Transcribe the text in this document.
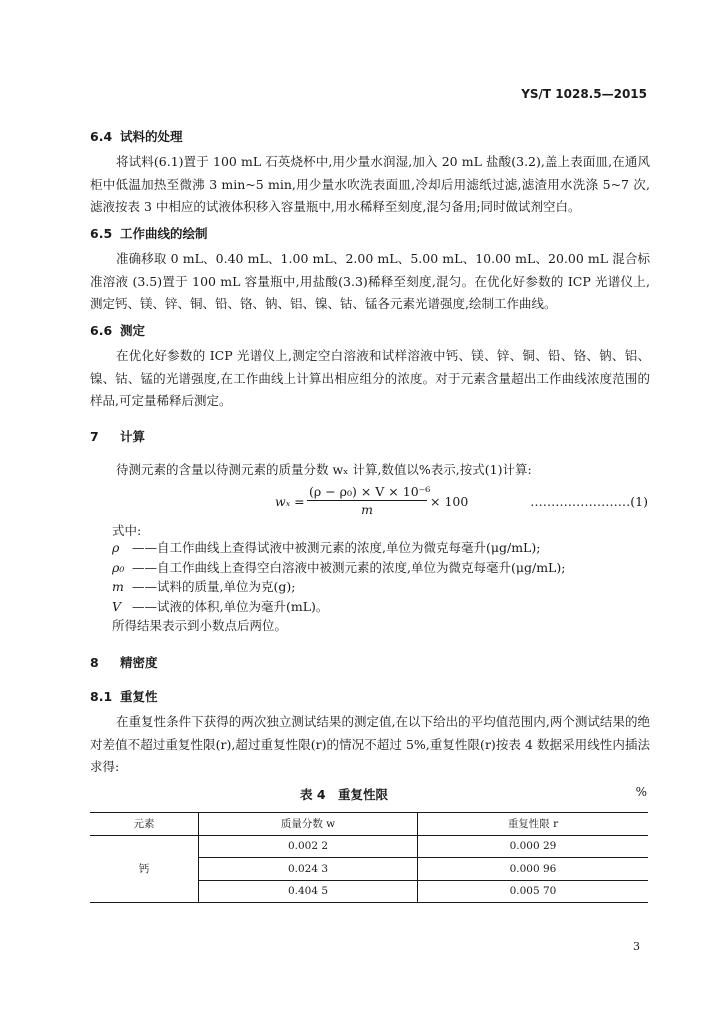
YS/T 1028.5—2015
6.4 试料的处理
将试料(6.1)置于 100 mL 石英烧杯中,用少量水润湿,加入 20 mL 盐酸(3.2),盖上表面皿,在通风柜中低温加热至微沸 3 min~5 min,用少量水吹洗表面皿,冷却后用滤纸过滤,滤渣用水洗涤 5~7 次,滤液按表 3 中相应的试液体积移入容量瓶中,用水稀释至刻度,混匀备用;同时做试剂空白。
6.5 工作曲线的绘制
准确移取 0 mL、0.40 mL、1.00 mL、2.00 mL、5.00 mL、10.00 mL、20.00 mL 混合标准溶液 (3.5)置于 100 mL 容量瓶中,用盐酸(3.3)稀释至刻度,混匀。在优化好参数的 ICP 光谱仪上,测定钙、镁、锌、铜、铅、铬、钠、铝、镍、钴、锰各元素光谱强度,绘制工作曲线。
6.6 测定
在优化好参数的 ICP 光谱仪上,测定空白溶液和试样溶液中钙、镁、锌、铜、铅、铬、钠、铝、镍、钴、锰的光谱强度,在工作曲线上计算出相应组分的浓度。对于元素含量超出工作曲线浓度范围的样品,可定量稀释后测定。
7 计算
待测元素的含量以待测元素的质量分数 wₓ 计算,数值以%表示,按式(1)计算:
$w_x = \frac{\text{(ρ − ρ₀) × V × 10⁻⁶}}{m} \times 100$	……………………(1)
式中:
ρ ——自工作曲线上查得试液中被测元素的浓度,单位为微克每毫升(μg/mL);
ρ₀ ——自工作曲线上查得空白溶液中被测元素的浓度,单位为微克每毫升(μg/mL);
m ——试料的质量,单位为克(g);
V ——试液的体积,单位为毫升(mL)。
所得结果表示到小数点后两位。
8 精密度
8.1 重复性
在重复性条件下获得的两次独立测试结果的测定值,在以下给出的平均值范围内,两个测试结果的绝对差值不超过重复性限(r),超过重复性限(r)的情况不超过 5%,重复性限(r)按表 4 数据采用线性内插法求得:
表 4　重复性限	%
元素	质量分数 w	重复性限 r
钙	0.002 2	0.000 29
	0.024 3	0.000 96
	0.404 5	0.005 70
3
